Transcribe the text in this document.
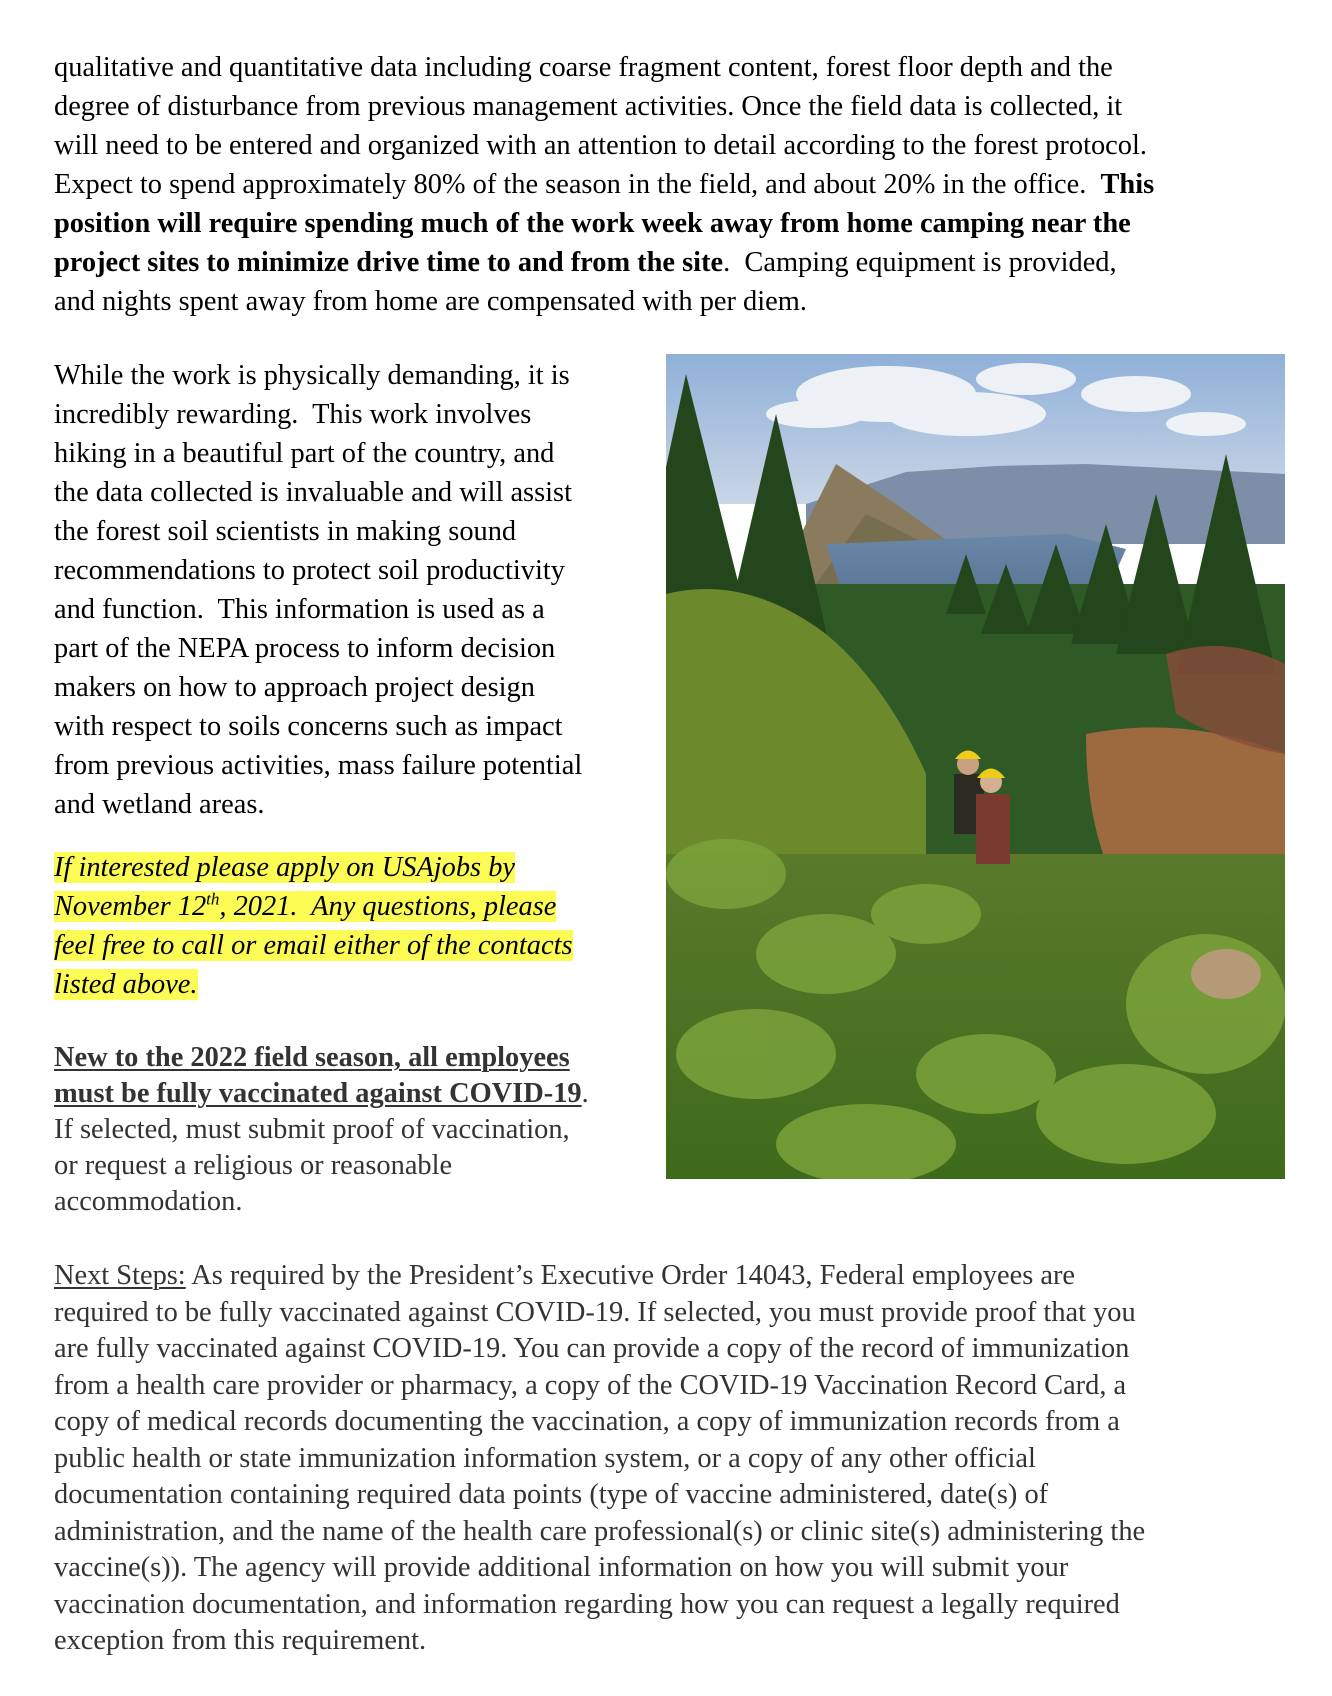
qualitative and quantitative data including coarse fragment content, forest floor depth and the
degree of disturbance from previous management activities. Once the field data is collected, it
will need to be entered and organized with an attention to detail according to the forest protocol.
Expect to spend approximately 80% of the season in the field, and about 20% in the office.  This
position will require spending much of the work week away from home camping near the
project sites to minimize drive time to and from the site.  Camping equipment is provided,
and nights spent away from home are compensated with per diem.
While the work is physically demanding, it is
incredibly rewarding.  This work involves
hiking in a beautiful part of the country, and
the data collected is invaluable and will assist
the forest soil scientists in making sound
recommendations to protect soil productivity
and function.  This information is used as a
part of the NEPA process to inform decision
makers on how to approach project design
with respect to soils concerns such as impact
from previous activities, mass failure potential
and wetland areas.
If interested please apply on USAjobs by
November 12th, 2021.  Any questions, please
feel free to call or email either of the contacts
listed above.
New to the 2022 field season, all employees
must be fully vaccinated against COVID-19.
If selected, must submit proof of vaccination,
or request a religious or reasonable
accommodation.
Next Steps: As required by the President’s Executive Order 14043, Federal employees are
required to be fully vaccinated against COVID-19. If selected, you must provide proof that you
are fully vaccinated against COVID-19. You can provide a copy of the record of immunization
from a health care provider or pharmacy, a copy of the COVID-19 Vaccination Record Card, a
copy of medical records documenting the vaccination, a copy of immunization records from a
public health or state immunization information system, or a copy of any other official
documentation containing required data points (type of vaccine administered, date(s) of
administration, and the name of the health care professional(s) or clinic site(s) administering the
vaccine(s)). The agency will provide additional information on how you will submit your
vaccination documentation, and information regarding how you can request a legally required
exception from this requirement.
